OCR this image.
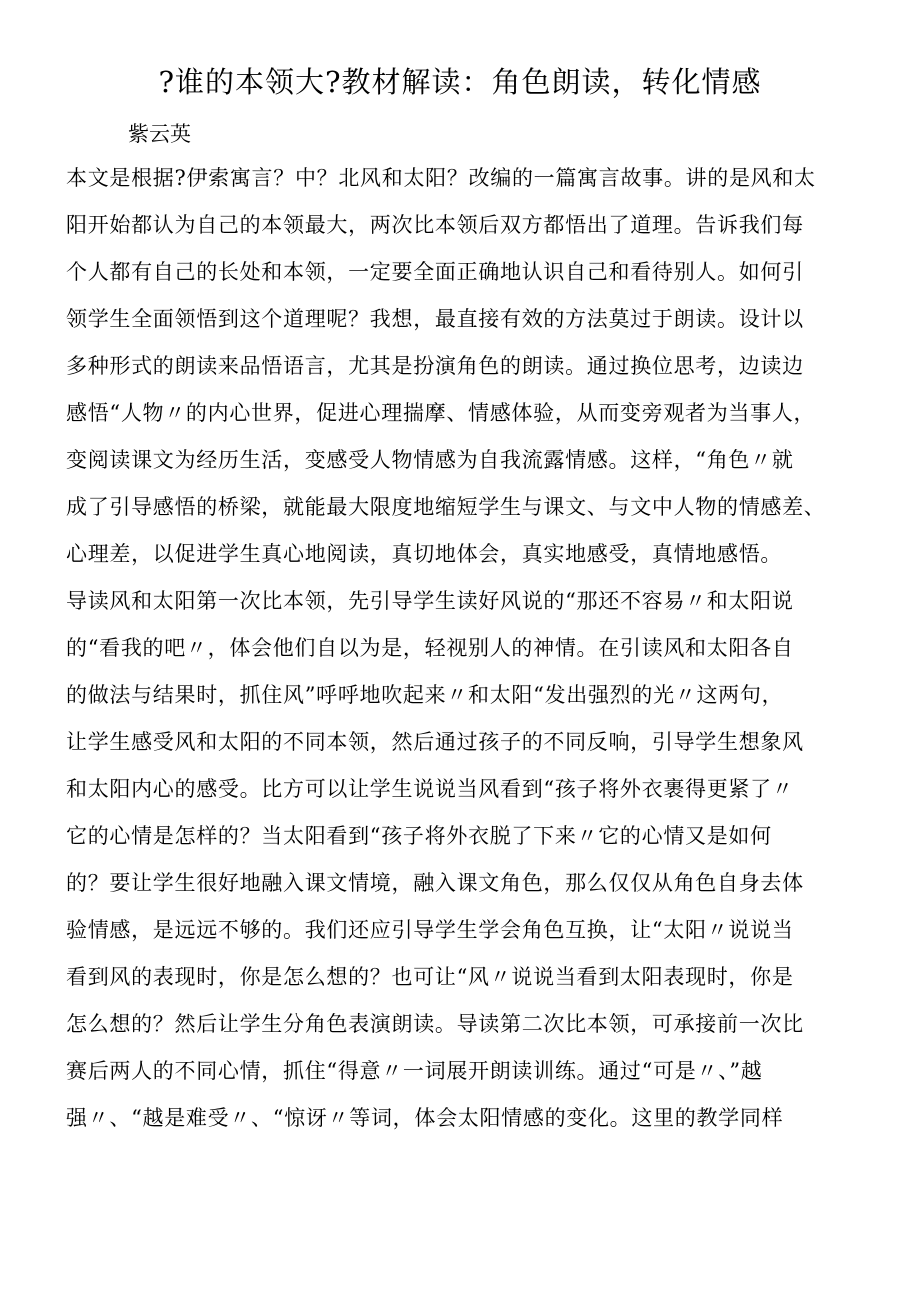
?谁的本领大?教材解读：角色朗读，转化情感
紫云英
本文是根据?伊索寓言？中？北风和太阳？改编的一篇寓言故事。讲的是风和太
阳开始都认为自己的本领最大，两次比本领后双方都悟出了道理。告诉我们每
个人都有自己的长处和本领，一定要全面正确地认识自己和看待别人。如何引
领学生全面领悟到这个道理呢？我想，最直接有效的方法莫过于朗读。设计以
多种形式的朗读来品悟语言，尤其是扮演角色的朗读。通过换位思考，边读边
感悟“人物〃的内心世界，促进心理揣摩、情感体验，从而变旁观者为当事人，
变阅读课文为经历生活，变感受人物情感为自我流露情感。这样，“角色〃就
成了引导感悟的桥梁，就能最大限度地缩短学生与课文、与文中人物的情感差、
心理差，以促进学生真心地阅读，真切地体会，真实地感受，真情地感悟。
导读风和太阳第一次比本领，先引导学生读好风说的“那还不容易〃和太阳说
的“看我的吧〃，体会他们自以为是，轻视别人的神情。在引读风和太阳各自
的做法与结果时，抓住风”呼呼地吹起来〃和太阳“发出强烈的光〃这两句，
让学生感受风和太阳的不同本领，然后通过孩子的不同反响，引导学生想象风
和太阳内心的感受。比方可以让学生说说当风看到“孩子将外衣裹得更紧了〃
它的心情是怎样的？当太阳看到“孩子将外衣脱了下来〃它的心情又是如何
的？要让学生很好地融入课文情境，融入课文角色，那么仅仅从角色自身去体
验情感，是远远不够的。我们还应引导学生学会角色互换，让“太阳〃说说当
看到风的表现时，你是怎么想的？也可让“风〃说说当看到太阳表现时，你是
怎么想的？然后让学生分角色表演朗读。导读第二次比本领，可承接前一次比
赛后两人的不同心情，抓住“得意〃一词展开朗读训练。通过“可是〃、”越
强〃、“越是难受〃、“惊讶〃等词，体会太阳情感的变化。这里的教学同样
